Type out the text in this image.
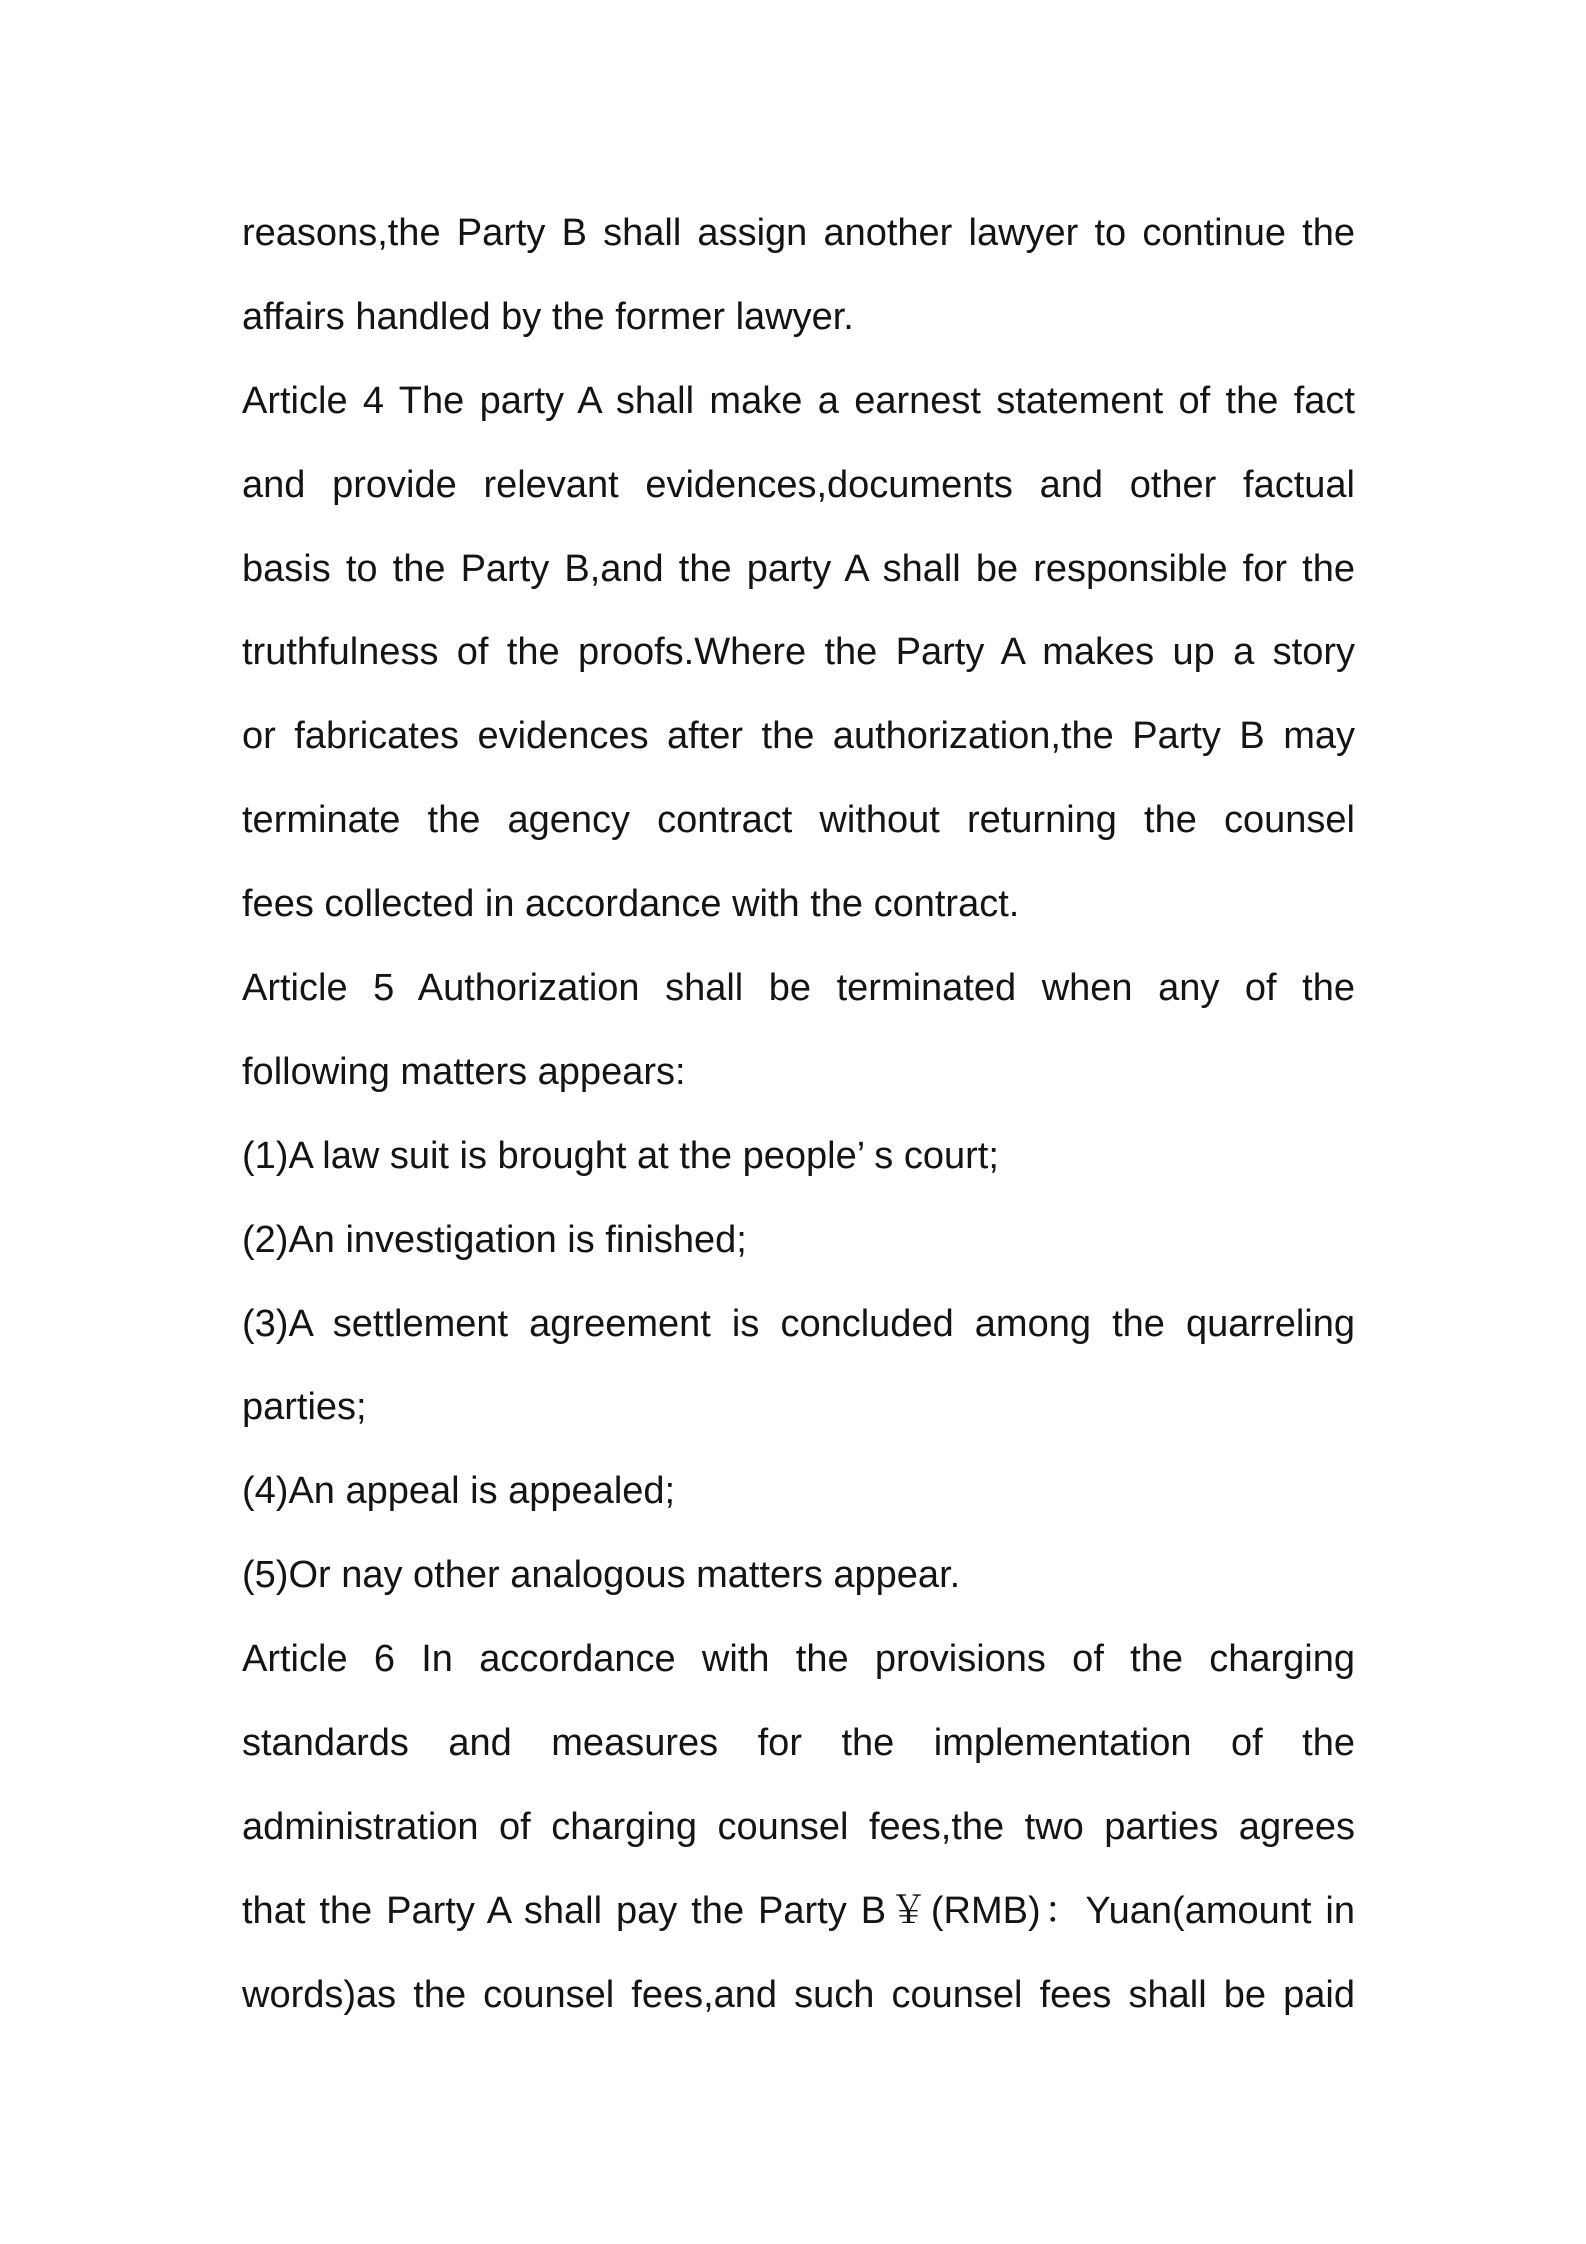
reasons,the Party B shall assign another lawyer to continue the
affairs handled by the former lawyer.
Article 4 The party A shall make a earnest statement of the fact
and provide relevant evidences,documents and other factual
basis to the Party B,and the party A shall be responsible for the
truthfulness of the proofs.Where the Party A makes up a story
or fabricates evidences after the authorization,the Party B may
terminate the agency contract without returning the counsel
fees collected in accordance with the contract.
Article 5 Authorization shall be terminated when any of the
following matters appears:
(1)A law suit is brought at the people’ s court;
(2)An investigation is finished;
(3)A settlement agreement is concluded among the quarreling
parties;
(4)An appeal is appealed;
(5)Or nay other analogous matters appear.
Article 6 In accordance with the provisions of the charging
standards and measures for the implementation of the
administration of charging counsel fees,the two parties agrees
that the Party A shall pay the Party B￥(RMB)：Yuan(amount in
words)as the counsel fees,and such counsel fees shall be paid
